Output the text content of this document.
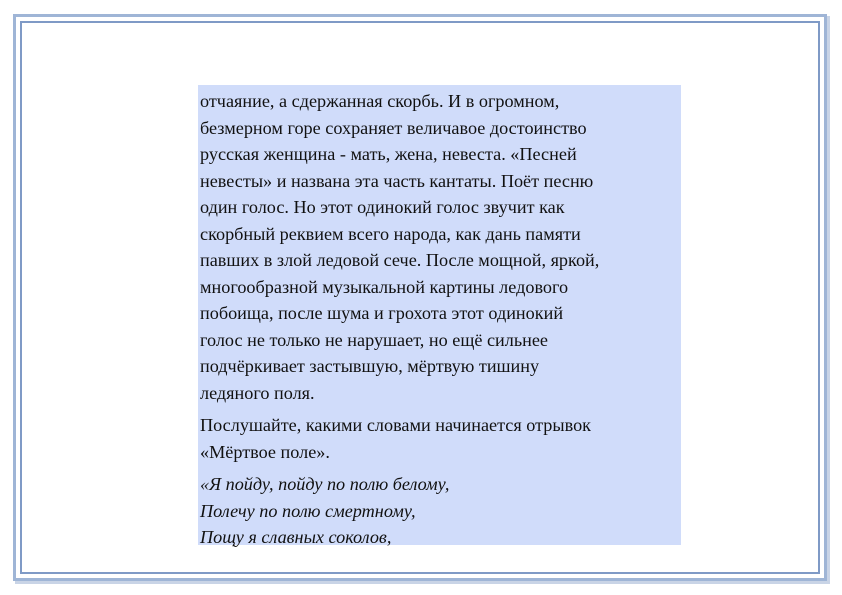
отчаяние, а сдержанная скорбь. И в огромном,
безмерном горе сохраняет величавое достоинство
русская женщина - мать, жена, невеста. «Песней
невесты» и названа эта часть кантаты. Поёт песню
один голос. Но этот одинокий голос звучит как
скорбный реквием всего народа, как дань памяти
павших в злой ледовой сече. После мощной, яркой,
многообразной музыкальной картины ледового
побоища, после шума и грохота этот одинокий
голос не только не нарушает, но ещё сильнее
подчёркивает застывшую, мёртвую тишину
ледяного поля.

Послушайте, какими словами начинается отрывок
«Мёртвое поле».

«Я пойду, пойду по полю белому,
Полечу по полю смертному,
Пощу я славных соколов,
